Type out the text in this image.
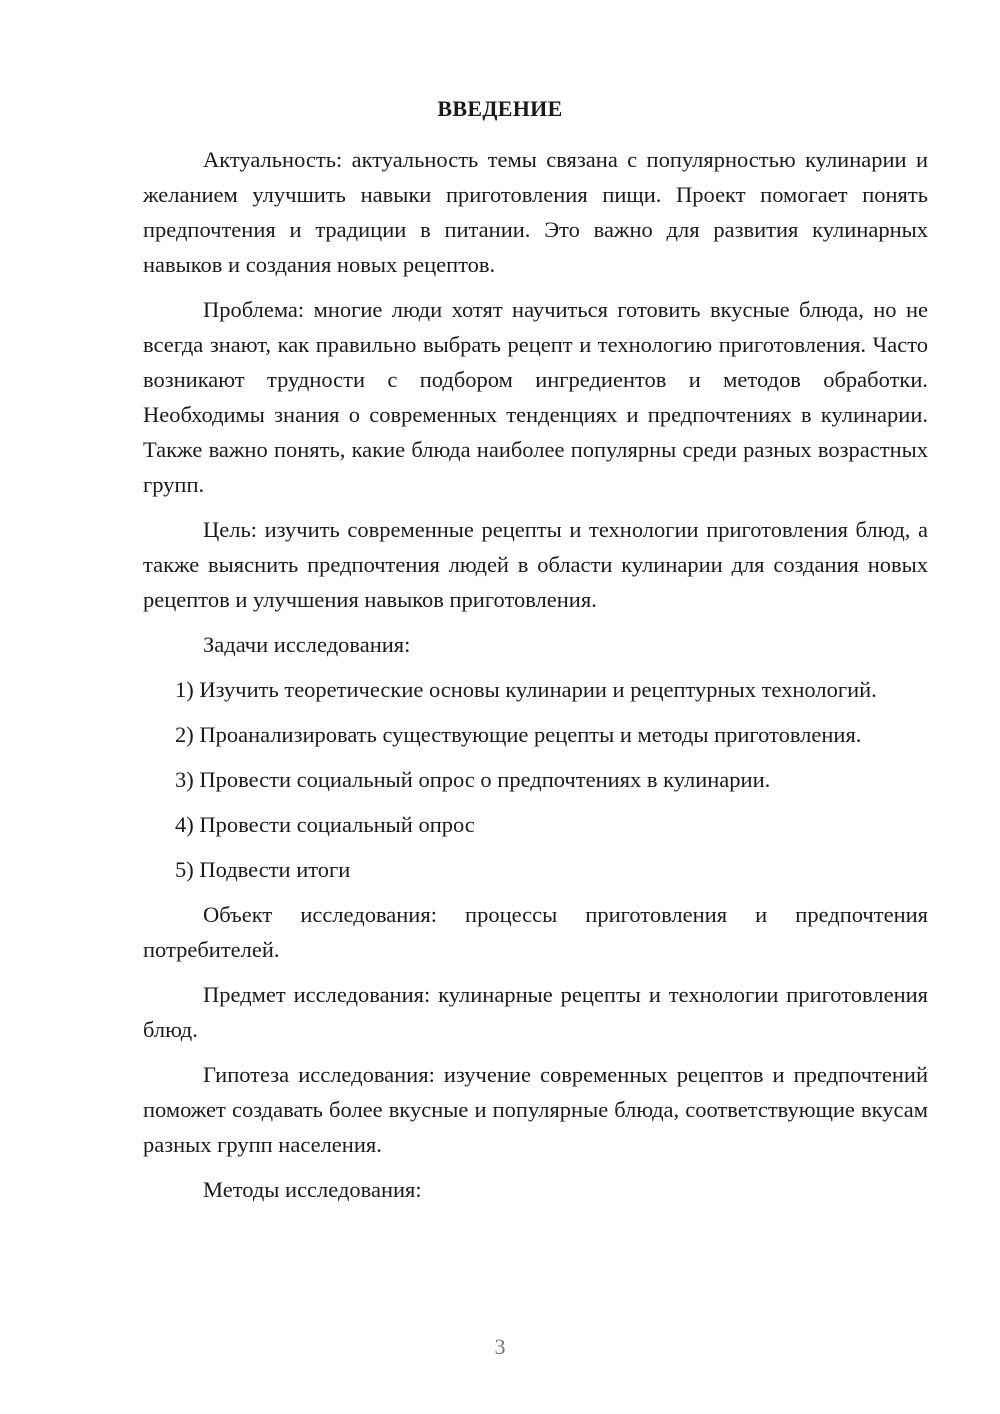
ВВЕДЕНИЕ

Актуальность: актуальность темы связана с популярностью кулинарии и желанием улучшить навыки приготовления пищи. Проект помогает понять предпочтения и традиции в питании. Это важно для развития кулинарных навыков и создания новых рецептов.

Проблема: многие люди хотят научиться готовить вкусные блюда, но не всегда знают, как правильно выбрать рецепт и технологию приготовления. Часто возникают трудности с подбором ингредиентов и методов обработки. Необходимы знания о современных тенденциях и предпочтениях в кулинарии. Также важно понять, какие блюда наиболее популярны среди разных возрастных групп.

Цель: изучить современные рецепты и технологии приготовления блюд, а также выяснить предпочтения людей в области кулинарии для создания новых рецептов и улучшения навыков приготовления.

Задачи исследования:

1) Изучить теоретические основы кулинарии и рецептурных технологий.

2) Проанализировать существующие рецепты и методы приготовления.

3) Провести социальный опрос о предпочтениях в кулинарии.

4) Провести социальный опрос

5) Подвести итоги

Объект исследования: процессы приготовления и предпочтения потребителей.

Предмет исследования: кулинарные рецепты и технологии приготовления блюд.

Гипотеза исследования: изучение современных рецептов и предпочтений поможет создавать более вкусные и популярные блюда, соответствующие вкусам разных групп населения.

Методы исследования:

3
